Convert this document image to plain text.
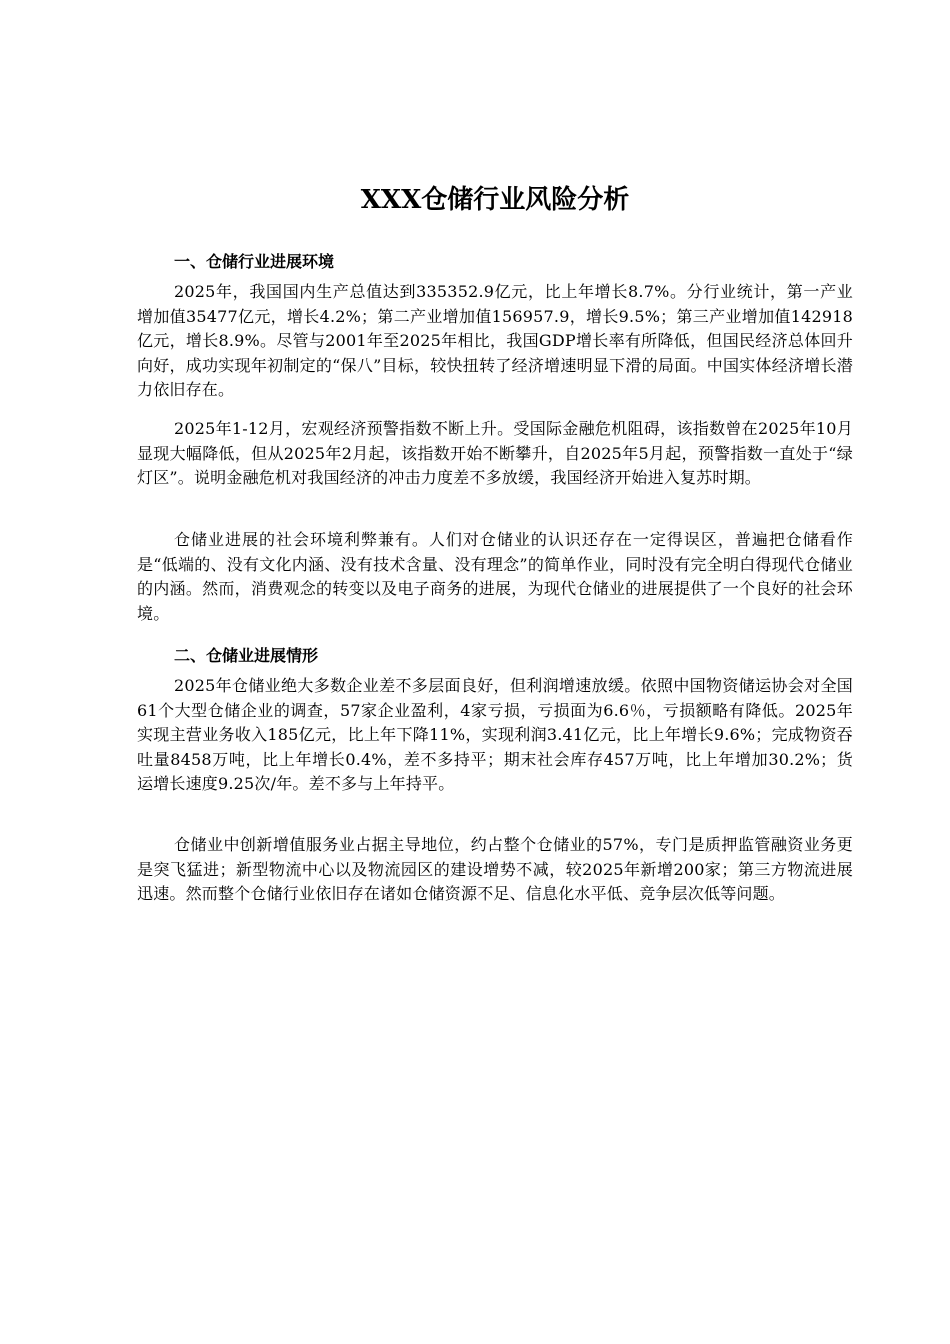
XXX仓储行业风险分析
一、仓储行业进展环境

2025年，我国国内生产总值达到335352.9亿元，比上年增长8.7%。分行业统计，第一产业增加值35477亿元，增长4.2%；第二产业增加值156957.9，增长9.5%；第三产业增加值142918亿元，增长8.9%。尽管与2001年至2025年相比，我国GDP增长率有所降低，但国民经济总体回升向好，成功实现年初制定的“保八”目标，较快扭转了经济增速明显下滑的局面。中国实体经济增长潜力依旧存在。

2025年1-12月，宏观经济预警指数不断上升。受国际金融危机阻碍，该指数曾在2025年10月显现大幅降低，但从2025年2月起，该指数开始不断攀升，自2025年5月起，预警指数一直处于“绿灯区”。说明金融危机对我国经济的冲击力度差不多放缓，我国经济开始进入复苏时期。

仓储业进展的社会环境利弊兼有。人们对仓储业的认识还存在一定得误区，普遍把仓储看作是“低端的、没有文化内涵、没有技术含量、没有理念”的简单作业，同时没有完全明白得现代仓储业的内涵。然而，消费观念的转变以及电子商务的进展，为现代仓储业的进展提供了一个良好的社会环境。

二、仓储业进展情形

2025年仓储业绝大多数企业差不多层面良好，但利润增速放缓。依照中国物资储运协会对全国61个大型仓储企业的调查，57家企业盈利，4家亏损，亏损面为6.6％，亏损额略有降低。2025年实现主营业务收入185亿元，比上年下降11%，实现利润3.41亿元，比上年增长9.6%；完成物资吞吐量8458万吨，比上年增长0.4%，差不多持平；期末社会库存457万吨，比上年增加30.2%；货运增长速度9.25次/年。差不多与上年持平。

仓储业中创新增值服务业占据主导地位，约占整个仓储业的57%，专门是质押监管融资业务更是突飞猛进；新型物流中心以及物流园区的建设增势不减，较2025年新增200家；第三方物流进展迅速。然而整个仓储行业依旧存在诸如仓储资源不足、信息化水平低、竞争层次低等问题。
